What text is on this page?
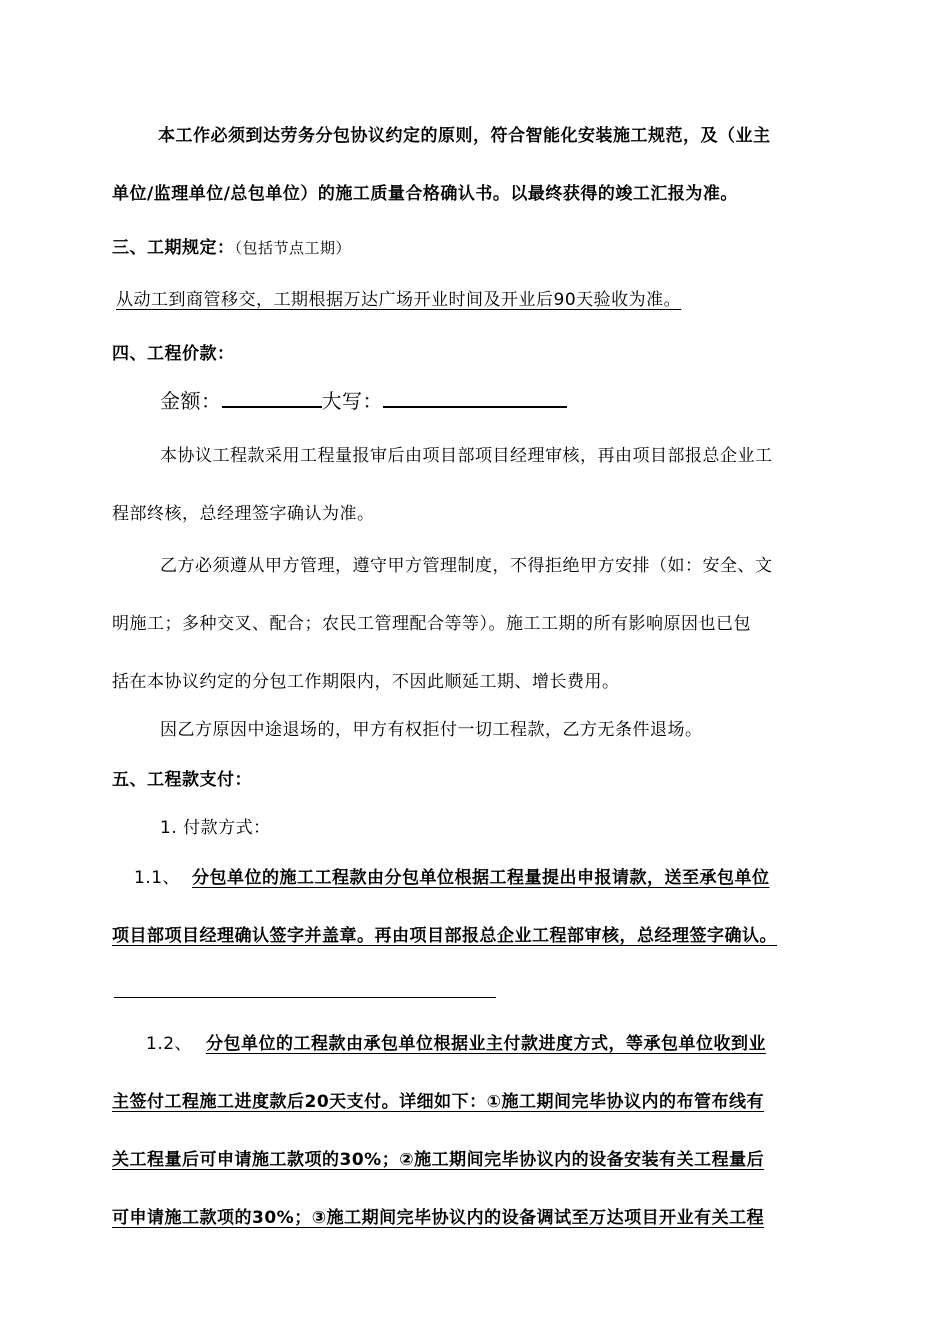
本工作必须到达劳务分包协议约定的原则，符合智能化安装施工规范，及（业主
单位/监理单位/总包单位）的施工质量合格确认书。以最终获得的竣工汇报为准。
三、工期规定：（包括节点工期）
从动工到商管移交，工期根据万达广场开业时间及开业后90天验收为准。
四、工程价款：
金额：	大写：
本协议工程款采用工程量报审后由项目部项目经理审核，再由项目部报总企业工
程部终核，总经理签字确认为准。
乙方必须遵从甲方管理，遵守甲方管理制度，不得拒绝甲方安排（如：安全、文
明施工；多种交叉、配合；农民工管理配合等等）。施工工期的所有影响原因也已包
括在本协议约定的分包工作期限内，不因此顺延工期、增长费用。
因乙方原因中途退场的，甲方有权拒付一切工程款，乙方无条件退场。
五、工程款支付：
1. 付款方式：
1.1、 分包单位的施工工程款由分包单位根据工程量提出申报请款，送至承包单位
项目部项目经理确认签字并盖章。再由项目部报总企业工程部审核，总经理签字确认。
1.2、 分包单位的工程款由承包单位根据业主付款进度方式，等承包单位收到业
主签付工程施工进度款后20天支付。详细如下：①施工期间完毕协议内的布管布线有
关工程量后可申请施工款项的30%；②施工期间完毕协议内的设备安装有关工程量后
可申请施工款项的30%；③施工期间完毕协议内的设备调试至万达项目开业有关工程
